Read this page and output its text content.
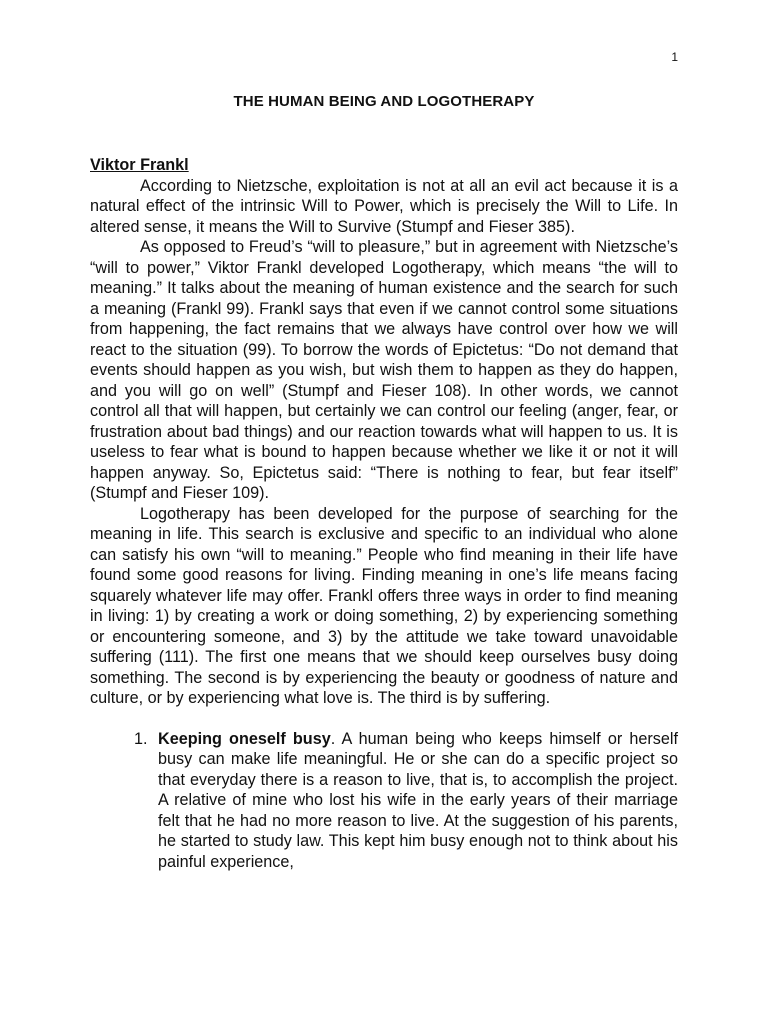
1
THE HUMAN BEING AND LOGOTHERAPY

Viktor Frankl

According to Nietzsche, exploitation is not at all an evil act because it is a natural effect of the intrinsic Will to Power, which is precisely the Will to Life. In altered sense, it means the Will to Survive (Stumpf and Fieser 385).

As opposed to Freud’s “will to pleasure,” but in agreement with Nietzsche’s “will to power,” Viktor Frankl developed Logotherapy, which means “the will to meaning.” It talks about the meaning of human existence and the search for such a meaning (Frankl 99). Frankl says that even if we cannot control some situations from happening, the fact remains that we always have control over how we will react to the situation (99). To borrow the words of Epictetus: “Do not demand that events should happen as you wish, but wish them to happen as they do happen, and you will go on well” (Stumpf and Fieser 108). In other words, we cannot control all that will happen, but certainly we can control our feeling (anger, fear, or frustration about bad things) and our reaction towards what will happen to us. It is useless to fear what is bound to happen because whether we like it or not it will happen anyway. So, Epictetus said: “There is nothing to fear, but fear itself” (Stumpf and Fieser 109).

Logotherapy has been developed for the purpose of searching for the meaning in life. This search is exclusive and specific to an individual who alone can satisfy his own “will to meaning.” People who find meaning in their life have found some good reasons for living. Finding meaning in one’s life means facing squarely whatever life may offer. Frankl offers three ways in order to find meaning in living: 1) by creating a work or doing something, 2) by experiencing something or encountering someone, and 3) by the attitude we take toward unavoidable suffering (111). The first one means that we should keep ourselves busy doing something. The second is by experiencing the beauty or goodness of nature and culture, or by experiencing what love is. The third is by suffering.

1. Keeping oneself busy. A human being who keeps himself or herself busy can make life meaningful. He or she can do a specific project so that everyday there is a reason to live, that is, to accomplish the project. A relative of mine who lost his wife in the early years of their marriage felt that he had no more reason to live. At the suggestion of his parents, he started to study law. This kept him busy enough not to think about his painful experience,
